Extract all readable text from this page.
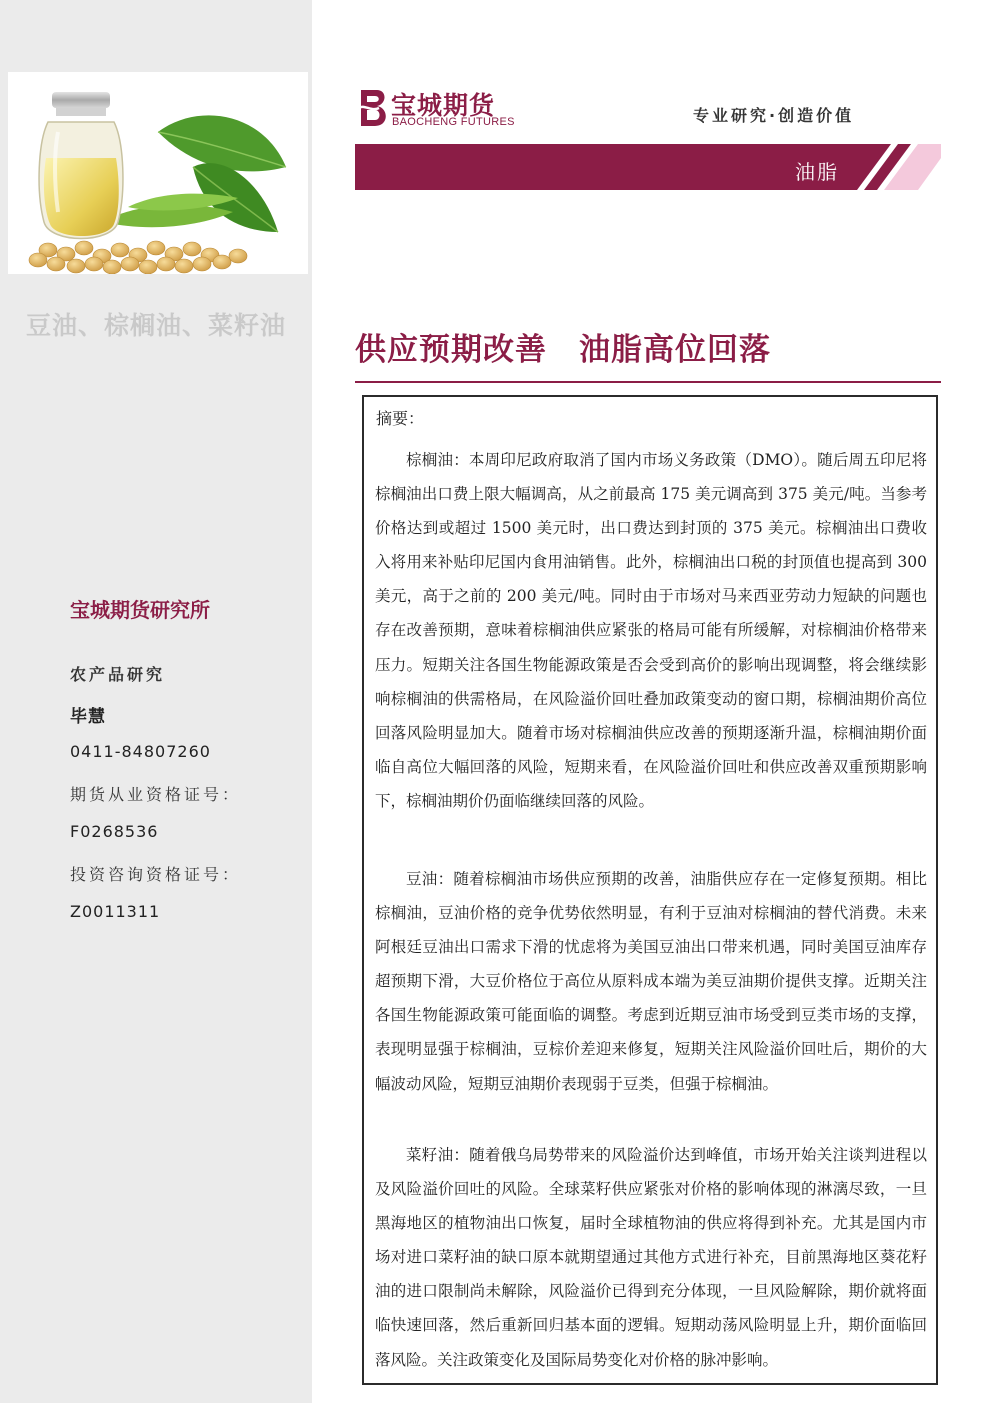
豆油、棕榈油、菜籽油
宝城期货研究所
农产品研究
毕慧
0411-84807260
期货从业资格证号：
F0268536
投资咨询资格证号：
Z0011311
宝城期货
BAOCHENG FUTURES	专业研究·创造价值
油脂
供应预期改善　油脂高位回落
摘要：

棕榈油：本周印尼政府取消了国内市场义务政策（DMO）。随后周五印尼将棕榈油出口费上限大幅调高，从之前最高 175 美元调高到 375 美元/吨。当参考价格达到或超过 1500 美元时，出口费达到封顶的 375 美元。棕榈油出口费收入将用来补贴印尼国内食用油销售。此外，棕榈油出口税的封顶值也提高到 300 美元，高于之前的 200 美元/吨。同时由于市场对马来西亚劳动力短缺的问题也存在改善预期，意味着棕榈油供应紧张的格局可能有所缓解，对棕榈油价格带来压力。短期关注各国生物能源政策是否会受到高价的影响出现调整，将会继续影响棕榈油的供需格局，在风险溢价回吐叠加政策变动的窗口期，棕榈油期价高位回落风险明显加大。随着市场对棕榈油供应改善的预期逐渐升温，棕榈油期价面临自高位大幅回落的风险，短期来看，在风险溢价回吐和供应改善双重预期影响下，棕榈油期价仍面临继续回落的风险。

豆油：随着棕榈油市场供应预期的改善，油脂供应存在一定修复预期。相比棕榈油，豆油价格的竞争优势依然明显，有利于豆油对棕榈油的替代消费。未来阿根廷豆油出口需求下滑的忧虑将为美国豆油出口带来机遇，同时美国豆油库存超预期下滑，大豆价格位于高位从原料成本端为美豆油期价提供支撑。近期关注各国生物能源政策可能面临的调整。考虑到近期豆油市场受到豆类市场的支撑，表现明显强于棕榈油，豆棕价差迎来修复，短期关注风险溢价回吐后，期价的大幅波动风险，短期豆油期价表现弱于豆类，但强于棕榈油。

菜籽油：随着俄乌局势带来的风险溢价达到峰值，市场开始关注谈判进程以及风险溢价回吐的风险。全球菜籽供应紧张对价格的影响体现的淋漓尽致，一旦黑海地区的植物油出口恢复，届时全球植物油的供应将得到补充。尤其是国内市场对进口菜籽油的缺口原本就期望通过其他方式进行补充，目前黑海地区葵花籽油的进口限制尚未解除，风险溢价已得到充分体现，一旦风险解除，期价就将面临快速回落，然后重新回归基本面的逻辑。短期动荡风险明显上升，期价面临回落风险。关注政策变化及国际局势变化对价格的脉冲影响。
